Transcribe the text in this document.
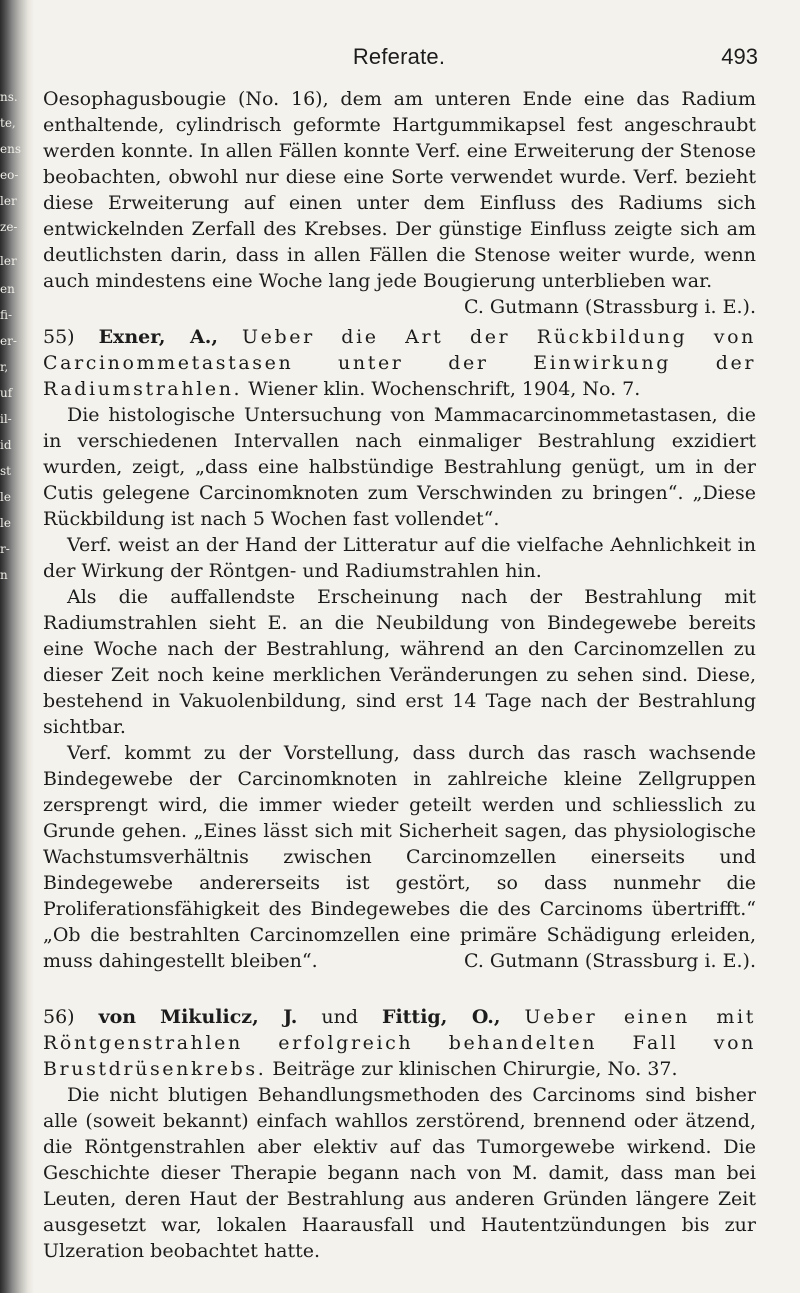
ns.
te,
ens
eo-
ler
ze-
ler
en
fi-
er-
r,
uf
il-
id
st
le
le
r-
n
Referate.	493

Oesophagusbougie (No. 16), dem am unteren Ende eine das Radium enthaltende, cylindrisch geformte Hartgummikapsel fest angeschraubt werden konnte. In allen Fällen konnte Verf. eine Erweiterung der Stenose beobachten, obwohl nur diese eine Sorte verwendet wurde. Verf. bezieht diese Erweiterung auf einen unter dem Einfluss des Radiums sich entwickelnden Zerfall des Krebses. Der günstige Einfluss zeigte sich am deutlichsten darin, dass in allen Fällen die Stenose weiter wurde, wenn auch mindestens eine Woche lang jede Bougierung unterblieben war.
C. Gutmann (Strassburg i. E.).

55) Exner, A., Ueber die Art der Rückbildung von Carcinommetastasen unter der Einwirkung der Radiumstrahlen. Wiener klin. Wochenschrift, 1904, No. 7.

Die histologische Untersuchung von Mammacarcinommetastasen, die in verschiedenen Intervallen nach einmaliger Bestrahlung exzidiert wurden, zeigt, „dass eine halbstündige Bestrahlung genügt, um in der Cutis gelegene Carcinomknoten zum Verschwinden zu bringen“. „Diese Rückbildung ist nach 5 Wochen fast vollendet“.

Verf. weist an der Hand der Litteratur auf die vielfache Aehnlichkeit in der Wirkung der Röntgen- und Radiumstrahlen hin.

Als die auffallendste Erscheinung nach der Bestrahlung mit Radiumstrahlen sieht E. an die Neubildung von Bindegewebe bereits eine Woche nach der Bestrahlung, während an den Carcinomzellen zu dieser Zeit noch keine merklichen Veränderungen zu sehen sind. Diese, bestehend in Vakuolenbildung, sind erst 14 Tage nach der Bestrahlung sichtbar.

Verf. kommt zu der Vorstellung, dass durch das rasch wachsende Bindegewebe der Carcinomknoten in zahlreiche kleine Zellgruppen zersprengt wird, die immer wieder geteilt werden und schliesslich zu Grunde gehen. „Eines lässt sich mit Sicherheit sagen, das physiologische Wachstumsverhältnis zwischen Carcinomzellen einerseits und Bindegewebe andererseits ist gestört, so dass nunmehr die Proliferationsfähigkeit des Bindegewebes die des Carcinoms übertrifft.“ „Ob die bestrahlten Carcinomzellen eine primäre Schädigung erleiden, muss dahingestellt bleiben“.	C. Gutmann (Strassburg i. E.).

56) von Mikulicz, J. und Fittig, O., Ueber einen mit Röntgenstrahlen erfolgreich behandelten Fall von Brustdrüsenkrebs. Beiträge zur klinischen Chirurgie, No. 37.

Die nicht blutigen Behandlungsmethoden des Carcinoms sind bisher alle (soweit bekannt) einfach wahllos zerstörend, brennend oder ätzend, die Röntgenstrahlen aber elektiv auf das Tumorgewebe wirkend. Die Geschichte dieser Therapie begann nach von M. damit, dass man bei Leuten, deren Haut der Bestrahlung aus anderen Gründen längere Zeit ausgesetzt war, lokalen Haarausfall und Hautentzündungen bis zur Ulzeration beobachtet hatte.
